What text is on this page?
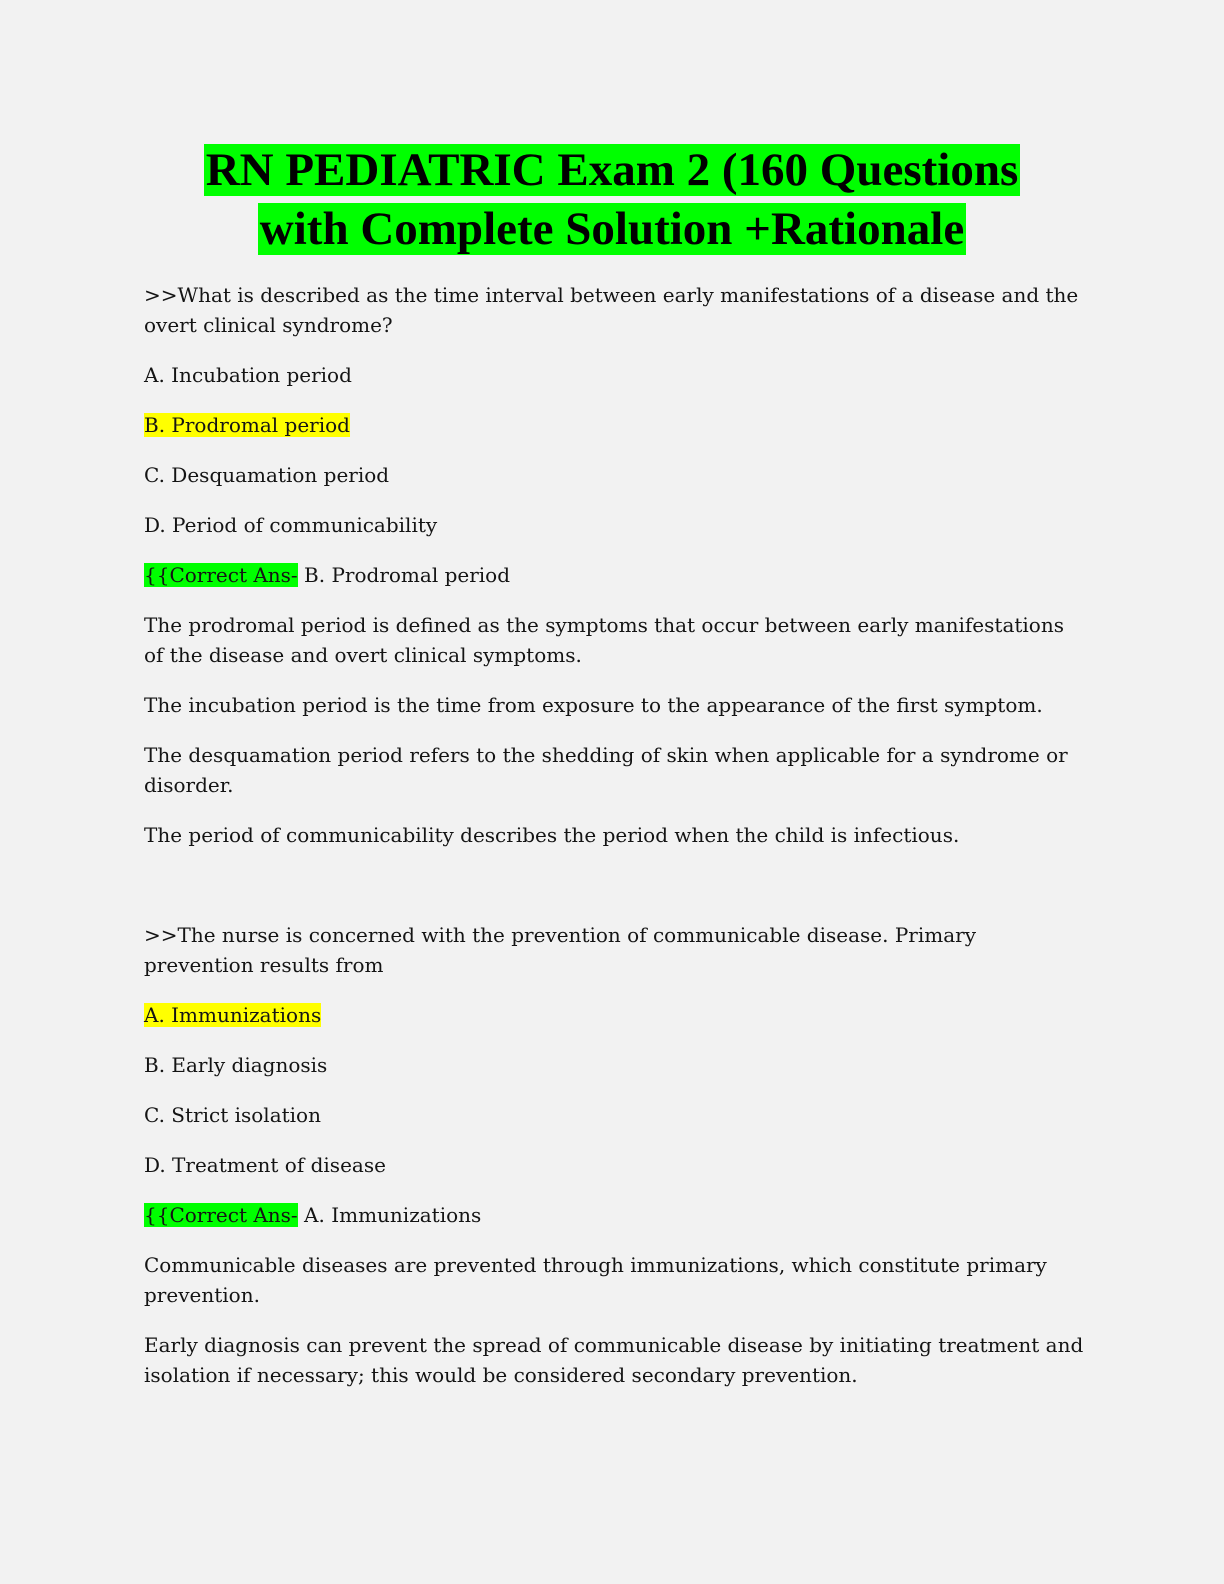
RN PEDIATRIC Exam 2 (160 Questions
with Complete Solution +Rationale

>>What is described as the time interval between early manifestations of a disease and the overt clinical syndrome?

A. Incubation period

B. Prodromal period

C. Desquamation period

D. Period of communicability

{{Correct Ans- B. Prodromal period

The prodromal period is defined as the symptoms that occur between early manifestations of the disease and overt clinical symptoms.

The incubation period is the time from exposure to the appearance of the first symptom.

The desquamation period refers to the shedding of skin when applicable for a syndrome or disorder.

The period of communicability describes the period when the child is infectious.

>>The nurse is concerned with the prevention of communicable disease. Primary prevention results from

A. Immunizations

B. Early diagnosis

C. Strict isolation

D. Treatment of disease

{{Correct Ans- A. Immunizations

Communicable diseases are prevented through immunizations, which constitute primary prevention.

Early diagnosis can prevent the spread of communicable disease by initiating treatment and isolation if necessary; this would be considered secondary prevention.
